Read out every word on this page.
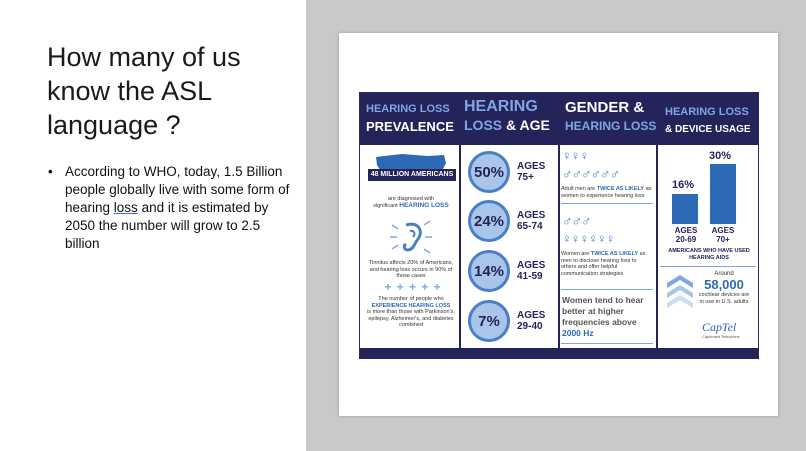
How many of us know the ASL language ?
• According to WHO, today, 1.5 Billion people globally live with some form of hearing loss and it is estimated by 2050 the number will grow to 2.5 billion
HEARING LOSS
PREVALENCE
HEARING
LOSS & AGE
GENDER &
HEARING LOSS
HEARING LOSS
& DEVICE USAGE
48 MILLION AMERICANS
are diagnosed with
significant HEARING LOSS
Tinnitus affects 20% of Americans, and hearing loss occurs in 90% of those cases
+ + + + +
The number of people who
EXPERIENCE HEARING LOSS
is more than those with Parkinson's, epilepsy, Alzheimer's, and diabetes combined
50% AGES
75+
24% AGES
65-74
14% AGES
41-59
7%	AGES
29-40
♀♀♀
♂♂♂♂♂♂
Adult men are TWICE AS LIKELY as women to experience hearing loss
♂♂♂
♀♀♀♀♀♀
Women are TWICE AS LIKELY as men to disclose hearing loss to others and offer helpful communication strategies
Women tend to hear better at higher frequencies above
2000 Hz
16%
30%
AGES
20-69
AGES
70+
AMERICANS WHO HAVE USED HEARING AIDS
Around
58,000
cochlear devices are in use in U.S. adults
CapTel
Captioned Telephone
